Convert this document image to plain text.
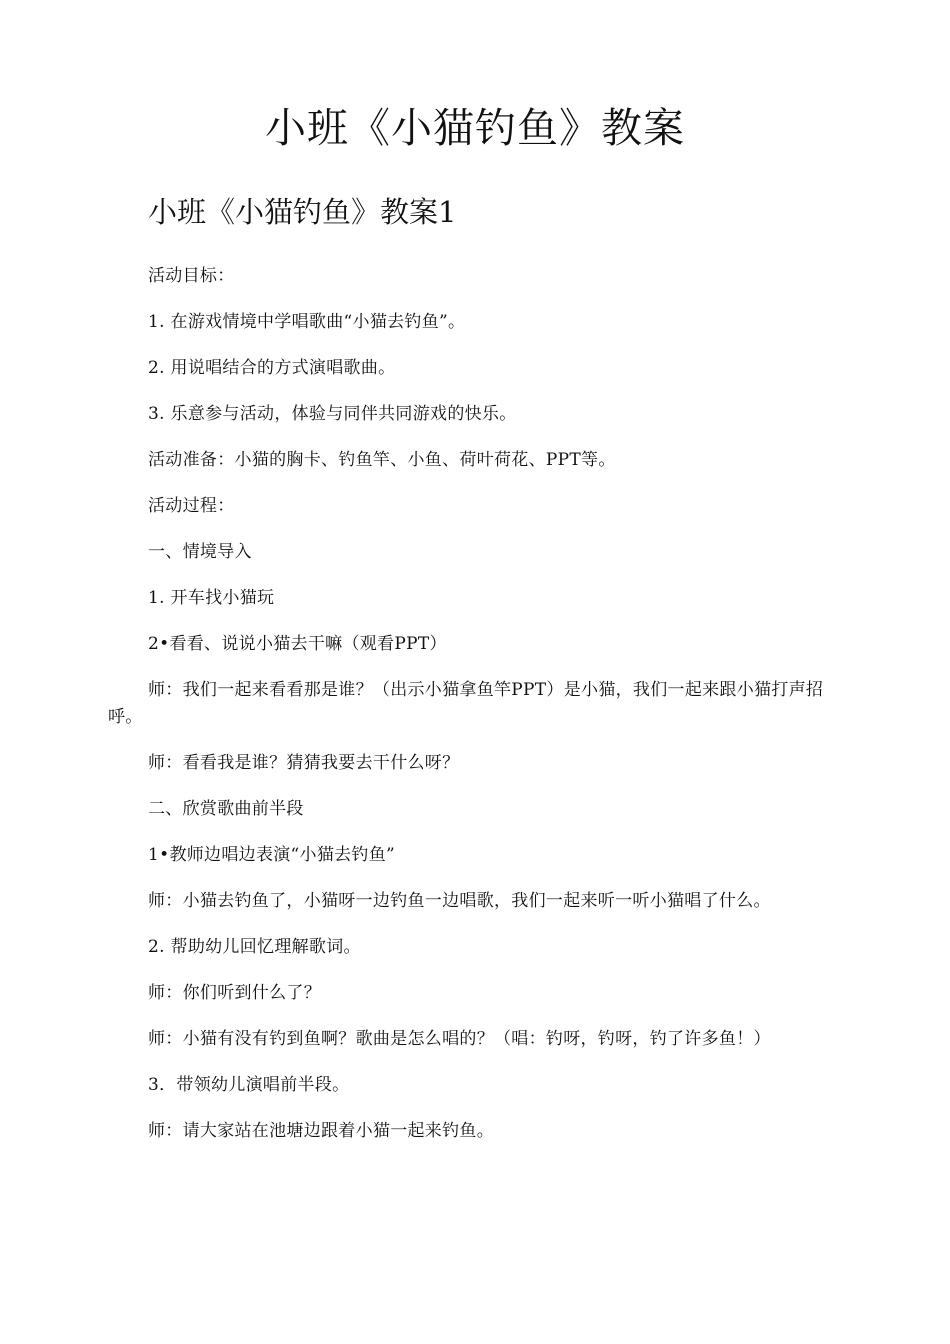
小班《小猫钓鱼》教案
小班《小猫钓鱼》教案1

活动目标：

1. 在游戏情境中学唱歌曲“小猫去钓鱼”。

2. 用说唱结合的方式演唱歌曲。

3. 乐意参与活动，体验与同伴共同游戏的快乐。

活动准备：小猫的胸卡、钓鱼竿、小鱼、荷叶荷花、PPT等。

活动过程：

一、情境导入

1. 开车找小猫玩

2•看看、说说小猫去干嘛（观看PPT）

师：我们一起来看看那是谁？（出示小猫拿鱼竿PPT）是小猫，我们一起来跟小猫打声招呼。

师：看看我是谁？猜猜我要去干什么呀？

二、欣赏歌曲前半段

1•教师边唱边表演“小猫去钓鱼”

师：小猫去钓鱼了，小猫呀一边钓鱼一边唱歌，我们一起来听一听小猫唱了什么。

2. 帮助幼儿回忆理解歌词。

师：你们听到什么了？

师：小猫有没有钓到鱼啊？歌曲是怎么唱的？（唱：钓呀，钓呀，钓了许多鱼！）

3．带领幼儿演唱前半段。

师：请大家站在池塘边跟着小猫一起来钓鱼。
